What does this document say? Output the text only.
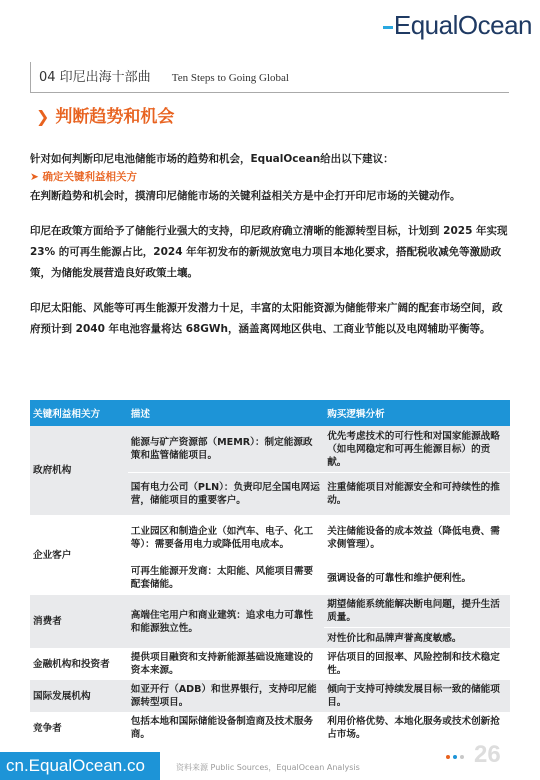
EqualOcean
04 印尼出海十部曲 Ten Steps to Going Global
❯ 判断趋势和机会

针对如何判断印尼电池储能市场的趋势和机会，EqualOcean给出以下建议：

➤ 确定关键利益相关方

在判断趋势和机会时，摸清印尼储能市场的关键利益相关方是中企打开印尼市场的关键动作。

印尼在政策方面给予了储能行业强大的支持，印尼政府确立清晰的能源转型目标，计划到 2025 年实现 23% 的可再生能源占比，2024 年年初发布的新规放宽电力项目本地化要求，搭配税收减免等激励政策，为储能发展营造良好政策土壤。

印尼太阳能、风能等可再生能源开发潜力十足，丰富的太阳能资源为储能带来广阔的配套市场空间，政府预计到 2040 年电池容量将达 68GWh，涵盖离网地区供电、工商业节能以及电网辅助平衡等。

关键利益相关方	描述	购买逻辑分析
政府机构	能源与矿产资源部（MEMR）：制定能源政策和监管储能项目。	优先考虑技术的可行性和对国家能源战略（如电网稳定和可再生能源目标）的贡献。
	国有电力公司（PLN）：负责印尼全国电网运营，储能项目的重要客户。	注重储能项目对能源安全和可持续性的推动。
企业客户	工业园区和制造企业（如汽车、电子、化工等）：需要备用电力或降低用电成本。	关注储能设备的成本效益（降低电费、需求侧管理）。
	可再生能源开发商：太阳能、风能项目需要配套储能。	强调设备的可靠性和维护便利性。
消费者	高端住宅用户和商业建筑：追求电力可靠性和能源独立性。	期望储能系统能解决断电问题，提升生活质量。
		对性价比和品牌声誉高度敏感。
金融机构和投资者	提供项目融资和支持新能源基础设施建设的资本来源。	评估项目的回报率、风险控制和技术稳定性。
国际发展机构	如亚开行（ADB）和世界银行，支持印尼能源转型项目。	倾向于支持可持续发展目标一致的储能项目。
竞争者	包括本地和国际储能设备制造商及技术服务商。	利用价格优势、本地化服务或技术创新抢占市场。
cn.EqualOcean.co	资料来源 Public Sources，EqualOcean Analysis	26
